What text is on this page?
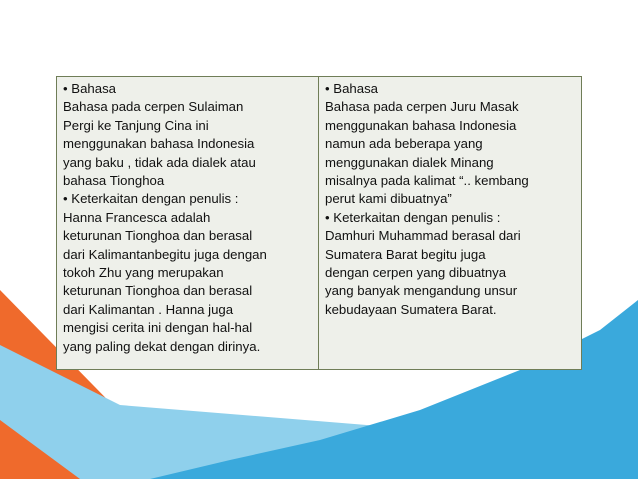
• Bahasa
Bahasa pada cerpen Sulaiman
Pergi ke Tanjung Cina ini
menggunakan bahasa Indonesia
yang baku , tidak ada dialek atau
bahasa Tionghoa
• Keterkaitan dengan penulis :
Hanna Francesca adalah
keturunan Tionghoa dan berasal
dari Kalimantanbegitu juga dengan
tokoh Zhu yang merupakan
keturunan Tionghoa dan berasal
dari Kalimantan . Hanna juga
mengisi cerita ini dengan hal-hal
yang paling dekat dengan dirinya.
• Bahasa
Bahasa pada cerpen Juru Masak
menggunakan bahasa Indonesia
namun ada beberapa yang
menggunakan dialek Minang
misalnya pada kalimat “.. kembang
perut kami dibuatnya”
• Keterkaitan dengan penulis :
Damhuri Muhammad berasal dari
Sumatera Barat begitu juga
dengan cerpen yang dibuatnya
yang banyak mengandung unsur
kebudayaan Sumatera Barat.
